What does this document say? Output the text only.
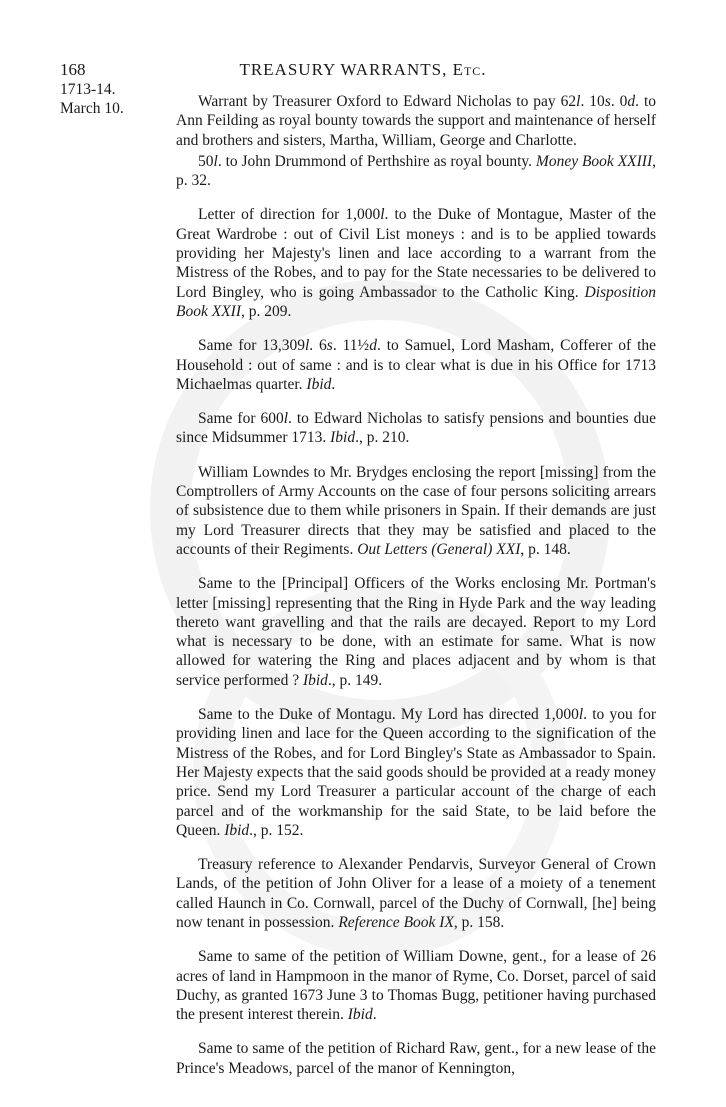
168	TREASURY WARRANTS, Etc.
1713-14.
March 10.	Warrant by Treasurer Oxford to Edward Nicholas to pay 62l. 10s. 0d. to Ann Feilding as royal bounty towards the support and maintenance of herself and brothers and sisters, Martha, William, George and Charlotte.

50l. to John Drummond of Perthshire as royal bounty. Money Book XXIII, p. 32.

Letter of direction for 1,000l. to the Duke of Montague, Master of the Great Wardrobe : out of Civil List moneys : and is to be applied towards providing her Majesty's linen and lace according to a warrant from the Mistress of the Robes, and to pay for the State necessaries to be delivered to Lord Bingley, who is going Ambassador to the Catholic King. Disposition Book XXII, p. 209.

Same for 13,309l. 6s. 11½d. to Samuel, Lord Masham, Cofferer of the Household : out of same : and is to clear what is due in his Office for 1713 Michaelmas quarter. Ibid.

Same for 600l. to Edward Nicholas to satisfy pensions and bounties due since Midsummer 1713. Ibid., p. 210.

William Lowndes to Mr. Brydges enclosing the report [missing] from the Comptrollers of Army Accounts on the case of four persons soliciting arrears of subsistence due to them while prisoners in Spain. If their demands are just my Lord Treasurer directs that they may be satisfied and placed to the accounts of their Regiments. Out Letters (General) XXI, p. 148.

Same to the [Principal] Officers of the Works enclosing Mr. Portman's letter [missing] representing that the Ring in Hyde Park and the way leading thereto want gravelling and that the rails are decayed. Report to my Lord what is necessary to be done, with an estimate for same. What is now allowed for watering the Ring and places adjacent and by whom is that service performed ? Ibid., p. 149.

Same to the Duke of Montagu. My Lord has directed 1,000l. to you for providing linen and lace for the Queen according to the signification of the Mistress of the Robes, and for Lord Bingley's State as Ambassador to Spain. Her Majesty expects that the said goods should be provided at a ready money price. Send my Lord Treasurer a particular account of the charge of each parcel and of the workmanship for the said State, to be laid before the Queen. Ibid., p. 152.

Treasury reference to Alexander Pendarvis, Surveyor General of Crown Lands, of the petition of John Oliver for a lease of a moiety of a tenement called Haunch in Co. Cornwall, parcel of the Duchy of Cornwall, [he] being now tenant in possession. Reference Book IX, p. 158.

Same to same of the petition of William Downe, gent., for a lease of 26 acres of land in Hampmoon in the manor of Ryme, Co. Dorset, parcel of said Duchy, as granted 1673 June 3 to Thomas Bugg, petitioner having purchased the present interest therein. Ibid.

Same to same of the petition of Richard Raw, gent., for a new lease of the Prince's Meadows, parcel of the manor of Kennington,
